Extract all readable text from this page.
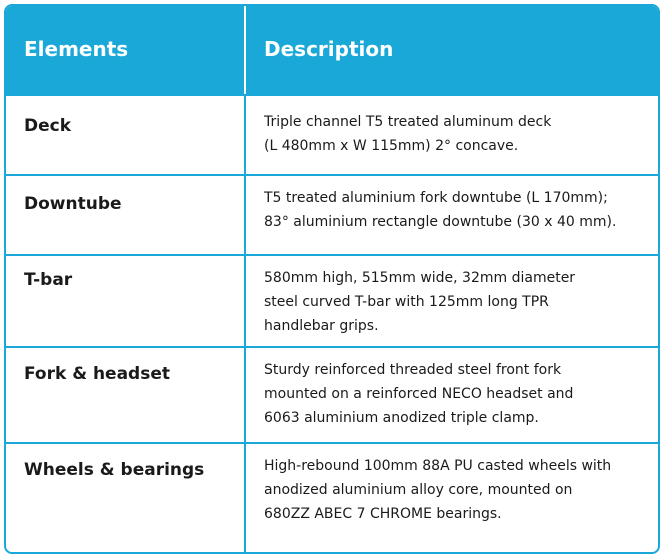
Elements	Description
Deck	Triple channel T5 treated aluminum deck
(L 480mm x W 115mm) 2° concave.
Downtube	T5 treated aluminium fork downtube (L 170mm);
83° aluminium rectangle downtube (30 x 40 mm).
T-bar	580mm high, 515mm wide, 32mm diameter
steel curved T-bar with 125mm long TPR
handlebar grips.
Fork & headset	Sturdy reinforced threaded steel front fork
mounted on a reinforced NECO headset and
6063 aluminium anodized triple clamp.
Wheels & bearings	High-rebound 100mm 88A PU casted wheels with
anodized aluminium alloy core, mounted on
680ZZ ABEC 7 CHROME bearings.
